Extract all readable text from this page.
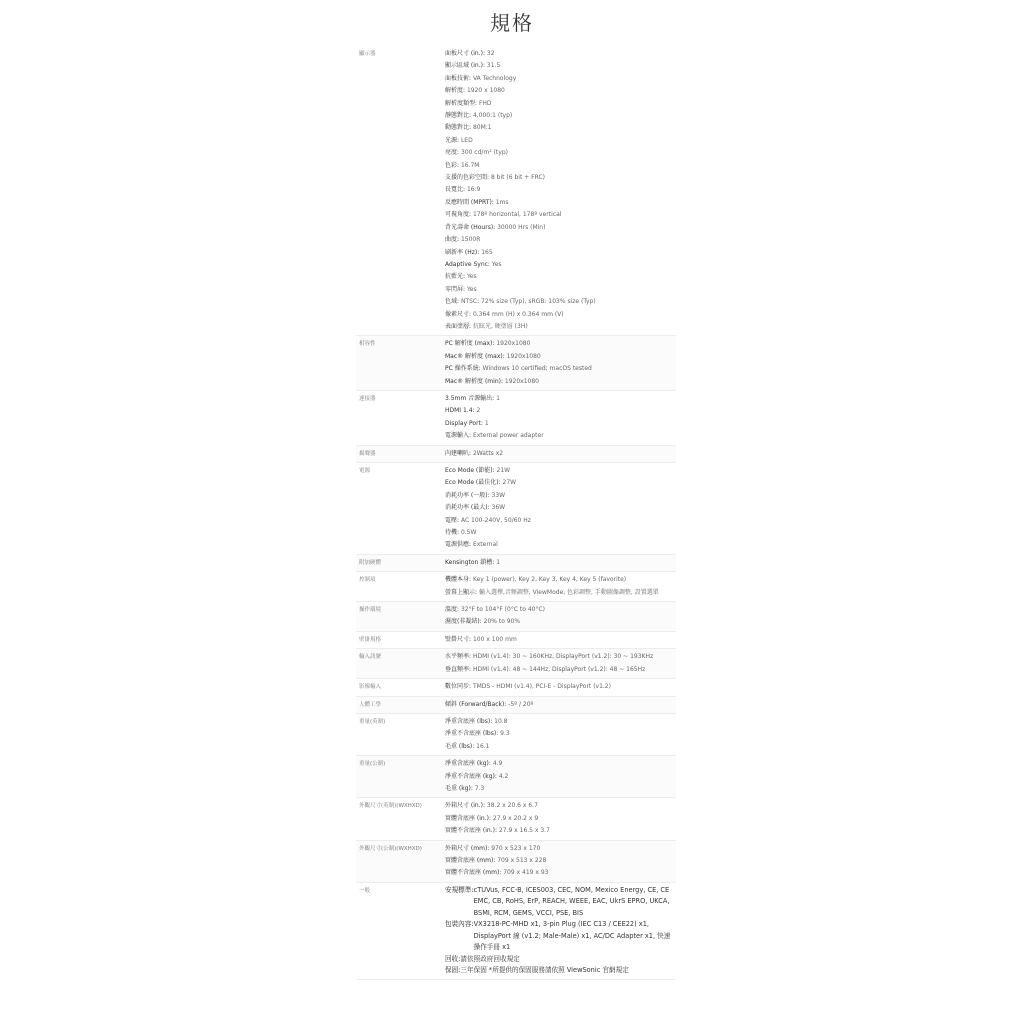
規格
顯示器	面板尺寸 (in.): 32
顯示區域 (in.): 31.5
面板技術: VA Technology
解析度: 1920 x 1080
解析度類型: FHD
靜態對比: 4,000:1 (typ)
動態對比: 80M:1
光源: LED
亮度: 300 cd/m² (typ)
色彩: 16.7M
支援的色彩空間: 8 bit (6 bit + FRC)
長寬比: 16:9
反應時間 (MPRT): 1ms
可視角度: 178º horizontal, 178º vertical
背光壽命 (Hours): 30000 Hrs (Min)
曲度: 1500R
刷新率 (Hz): 165
Adaptive Sync: Yes
抗藍光: Yes
零閃屏: Yes
色域: NTSC: 72% size (Typ), sRGB: 103% size (Typ)
像素尺寸: 0.364 mm (H) x 0.364 mm (V)
表面塗層: 抗眩光, 硬塗層 (3H)
相容性	PC 解析度 (max): 1920x1080
Mac® 解析度 (max): 1920x1080
PC 操作系統: Windows 10 certified; macOS tested
Mac® 解析度 (min): 1920x1080
連接器	3.5mm 音源輸出: 1
HDMI 1.4: 2
Display Port: 1
電源輸入: External power adapter
揚聲器	內建喇叭: 2Watts x2
電源	Eco Mode (節能): 21W
Eco Mode (最佳化): 27W
消耗功率 (一般): 33W
消耗功率 (最大): 36W
電壓: AC 100-240V, 50/60 Hz
待機: 0.5W
電源供應: External
附加硬體	Kensington 鎖槽: 1
控制項	機體本身: Key 1 (power), Key 2, Key 3, Key 4, Key 5 (favorite)
螢幕上顯示: 輸入選擇,音頻調整, ViewMode, 色彩調整, 手動圖像調整, 設置選單
操作環境	溫度: 32°F to 104°F (0°C to 40°C)
濕度(非凝結): 20% to 90%
壁掛規格	壁掛尺寸: 100 x 100 mm
輸入訊號	水平頻率: HDMI (v1.4): 30 ~ 160KHz, DisplayPort (v1.2): 30 ~ 193KHz
垂直頻率: HDMI (v1.4): 48 ~ 144Hz, DisplayPort (v1.2): 48 ~ 165Hz
影像輸入	數位同步: TMDS - HDMI (v1.4), PCI-E - DisplayPort (v1.2)
人體工學	傾斜 (Forward/Back): -5º / 20º
重量(英制)	淨重含底座 (lbs): 10.8
淨重不含底座 (lbs): 9.3
毛重 (lbs): 16.1
重量(公制)	淨重含底座 (kg): 4.9
淨重不含底座 (kg): 4.2
毛重 (kg): 7.3
外觀尺寸(英制)(WXHXD)	外箱尺寸 (in.): 38.2 x 20.6 x 6.7
實體含底座 (in.): 27.9 x 20.2 x 9
實體不含底座 (in.): 27.9 x 16.5 x 3.7
外觀尺寸(公制)(WXHXD)	外箱尺寸 (mm): 970 x 523 x 170
實體含底座 (mm): 709 x 513 x 228
實體不含底座 (mm): 709 x 419 x 93
一般	安規標準: cTUVus, FCC-B, ICES003, CEC, NOM, Mexico Energy, CE, CE EMC, CB, RoHS, ErP, REACH, WEEE, EAC, UkrS EPRO, UKCA, BSMI, RCM, GEMS, VCCI, PSE, BIS
包裝內容: VX3218-PC-MHD x1, 3-pin Plug (IEC C13 / CEE22) x1, DisplayPort 線 (v1.2; Male-Male) x1, AC/DC Adapter x1, 快速操作手冊 x1
回收: 請依照政府回收規定
保固: 三年保固 *所提供的保固服務請依照 ViewSonic 官網規定
